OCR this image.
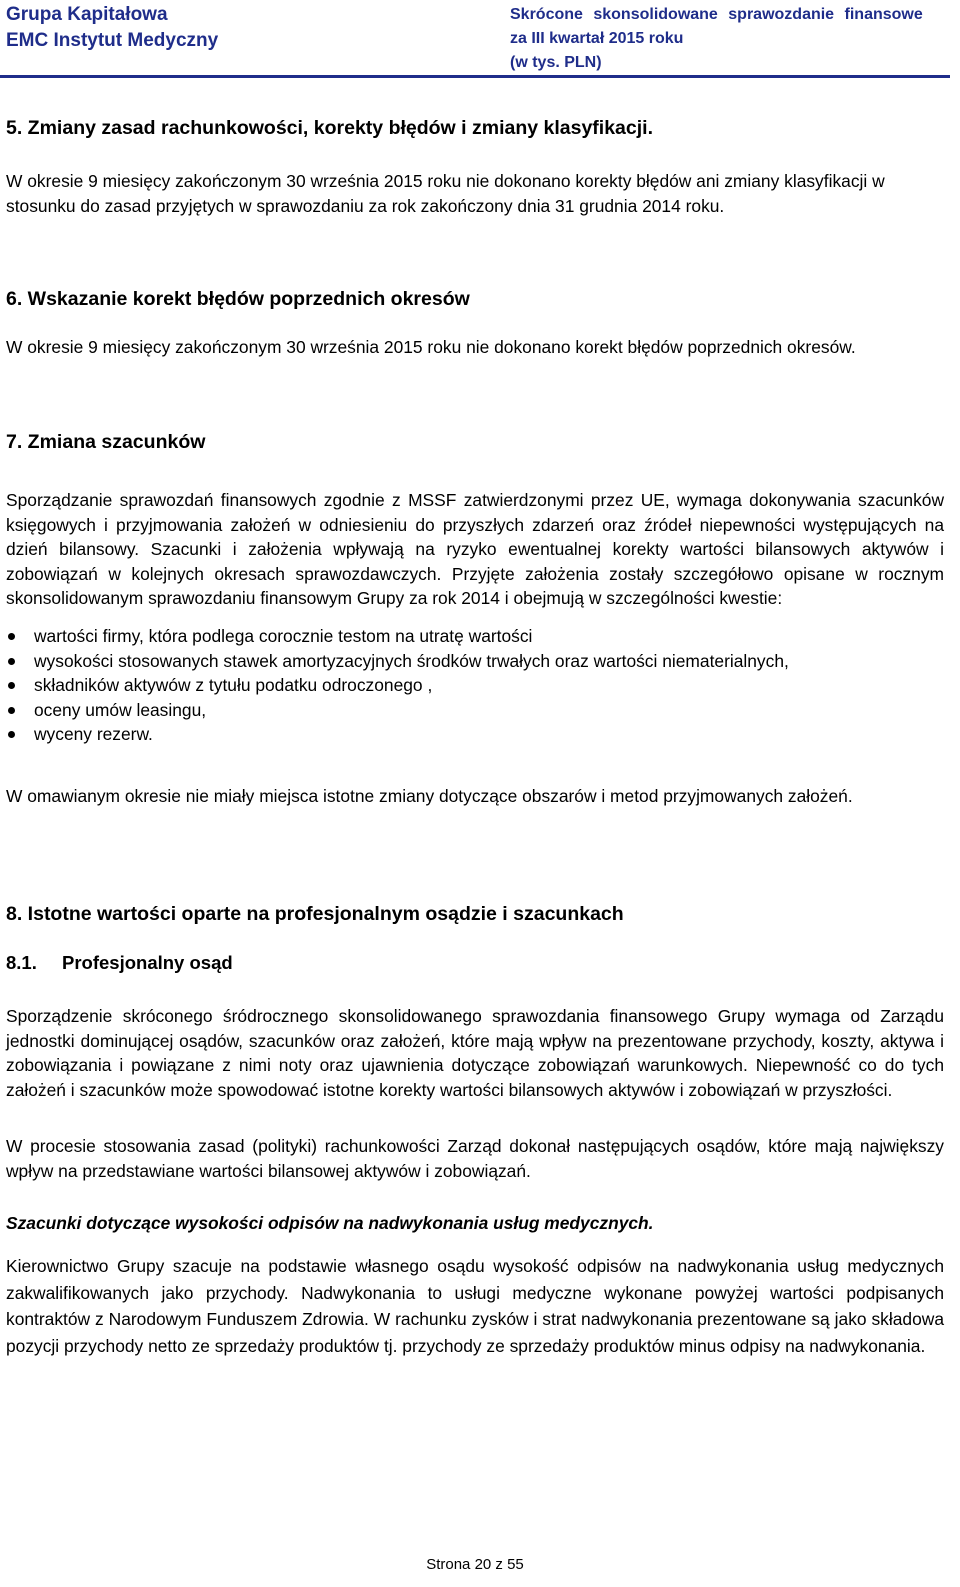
Grupa Kapitałowa
EMC Instytut Medyczny
Skrócone skonsolidowane sprawozdanie finansowe
za III kwartał 2015 roku
(w tys. PLN)
5. Zmiany zasad rachunkowości, korekty błędów i zmiany klasyfikacji.
W okresie 9 miesięcy zakończonym 30 września 2015 roku nie dokonano korekty błędów ani zmiany klasyfikacji w stosunku do zasad przyjętych w sprawozdaniu za rok zakończony dnia 31 grudnia 2014 roku.
6. Wskazanie korekt błędów poprzednich okresów
W okresie 9 miesięcy zakończonym 30 września 2015 roku nie dokonano korekt błędów poprzednich okresów.
7. Zmiana szacunków
Sporządzanie sprawozdań finansowych zgodnie z MSSF zatwierdzonymi przez UE, wymaga dokonywania szacunków księgowych i przyjmowania założeń w odniesieniu do przyszłych zdarzeń oraz źródeł niepewności występujących na dzień bilansowy. Szacunki i założenia wpływają na ryzyko ewentualnej korekty wartości bilansowych aktywów i zobowiązań w kolejnych okresach sprawozdawczych. Przyjęte założenia zostały szczegółowo opisane w rocznym skonsolidowanym sprawozdaniu finansowym Grupy za rok 2014 i obejmują w szczególności kwestie:
wartości firmy, która podlega corocznie testom na utratę wartości
wysokości stosowanych stawek amortyzacyjnych środków trwałych oraz wartości niematerialnych,
składników aktywów z tytułu podatku odroczonego ,
oceny umów leasingu,
wyceny rezerw.
W omawianym okresie nie miały miejsca istotne zmiany dotyczące obszarów i metod przyjmowanych założeń.
8. Istotne wartości oparte na profesjonalnym osądzie i szacunkach
8.1. Profesjonalny osąd
Sporządzenie skróconego śródrocznego skonsolidowanego sprawozdania finansowego Grupy wymaga od Zarządu jednostki dominującej osądów, szacunków oraz założeń, które mają wpływ na prezentowane przychody, koszty, aktywa i zobowiązania i powiązane z nimi noty oraz ujawnienia dotyczące zobowiązań warunkowych. Niepewność co do tych założeń i szacunków może spowodować istotne korekty wartości bilansowych aktywów i zobowiązań w przyszłości.
W procesie stosowania zasad (polityki) rachunkowości Zarząd dokonał następujących osądów, które mają największy wpływ na przedstawiane wartości bilansowej aktywów i zobowiązań.
Szacunki dotyczące wysokości odpisów na nadwykonania usług medycznych.
Kierownictwo Grupy szacuje na podstawie własnego osądu wysokość odpisów na nadwykonania usług medycznych zakwalifikowanych jako przychody. Nadwykonania to usługi medyczne wykonane powyżej wartości podpisanych kontraktów z Narodowym Funduszem Zdrowia. W rachunku zysków i strat nadwykonania prezentowane są jako składowa pozycji przychody netto ze sprzedaży produktów tj. przychody ze sprzedaży produktów minus odpisy na nadwykonania.
Strona 20 z 55
